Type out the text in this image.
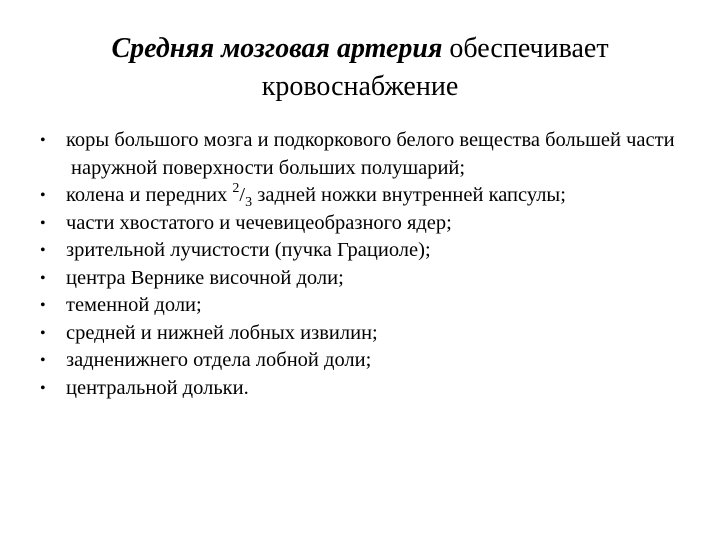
Средняя мозговая артерия обеспечивает
кровоснабжение
• коры большого мозга и подкоркового белого вещества большей части наружной поверхности больших полушарий;
• колена и передних $^2/_3$ задней ножки внутренней капсулы;
• части хвостатого и чечевицеобразного ядер;
• зрительной лучистости (пучка Грациоле);
• центра Вернике височной доли;
• теменной доли;
• средней и нижней лобных извилин;
• задненижнего отдела лобной доли;
• центральной дольки.
